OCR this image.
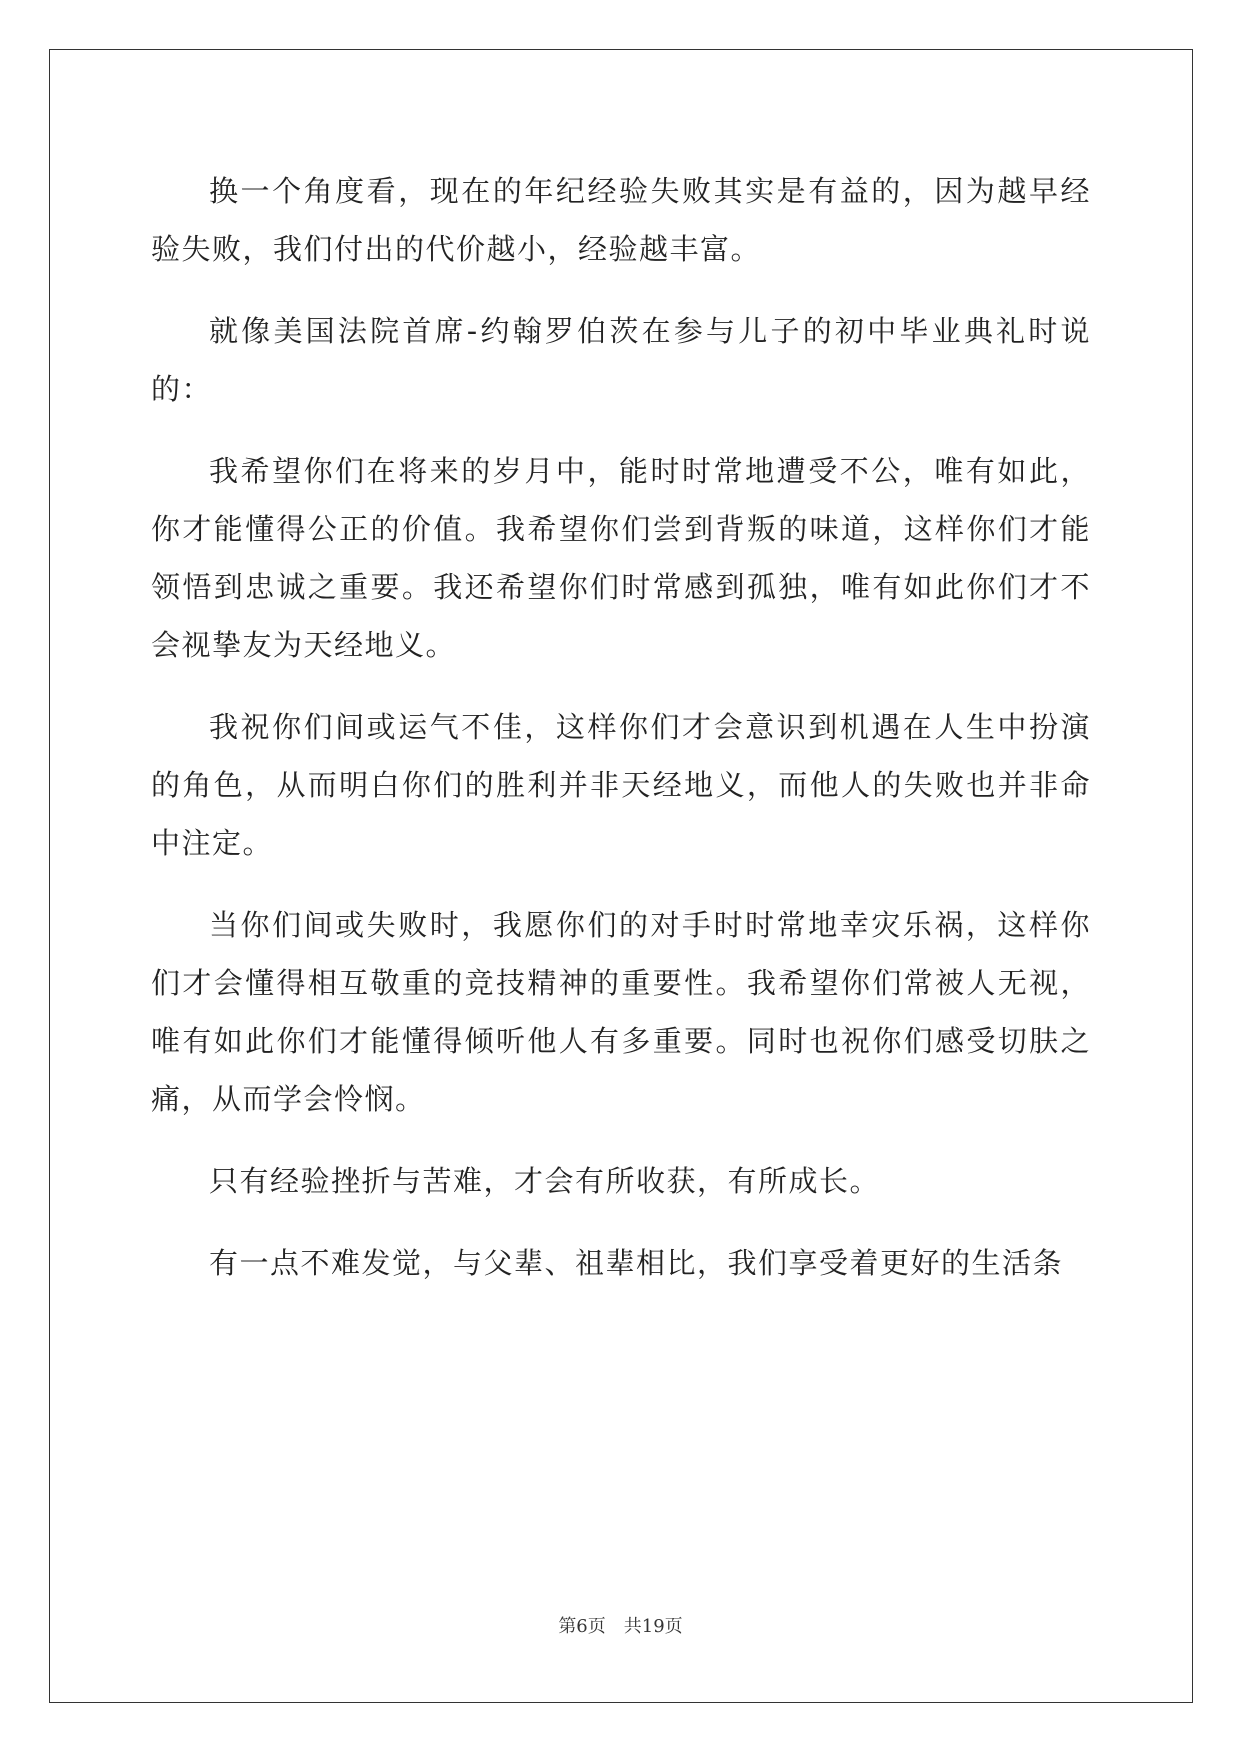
换一个角度看，现在的年纪经验失败其实是有益的，因为越早经验失败，我们付出的代价越小，经验越丰富。

就像美国法院首席-约翰罗伯茨在参与儿子的初中毕业典礼时说的：

我希望你们在将来的岁月中，能时时常地遭受不公，唯有如此，你才能懂得公正的价值。我希望你们尝到背叛的味道，这样你们才能领悟到忠诚之重要。我还希望你们时常感到孤独，唯有如此你们才不会视挚友为天经地义。

我祝你们间或运气不佳，这样你们才会意识到机遇在人生中扮演的角色，从而明白你们的胜利并非天经地义，而他人的失败也并非命中注定。

当你们间或失败时，我愿你们的对手时时常地幸灾乐祸，这样你们才会懂得相互敬重的竞技精神的重要性。我希望你们常被人无视，唯有如此你们才能懂得倾听他人有多重要。同时也祝你们感受切肤之痛，从而学会怜悯。

只有经验挫折与苦难，才会有所收获，有所成长。

有一点不难发觉，与父辈、祖辈相比，我们享受着更好的生活条

第6页　共19页
